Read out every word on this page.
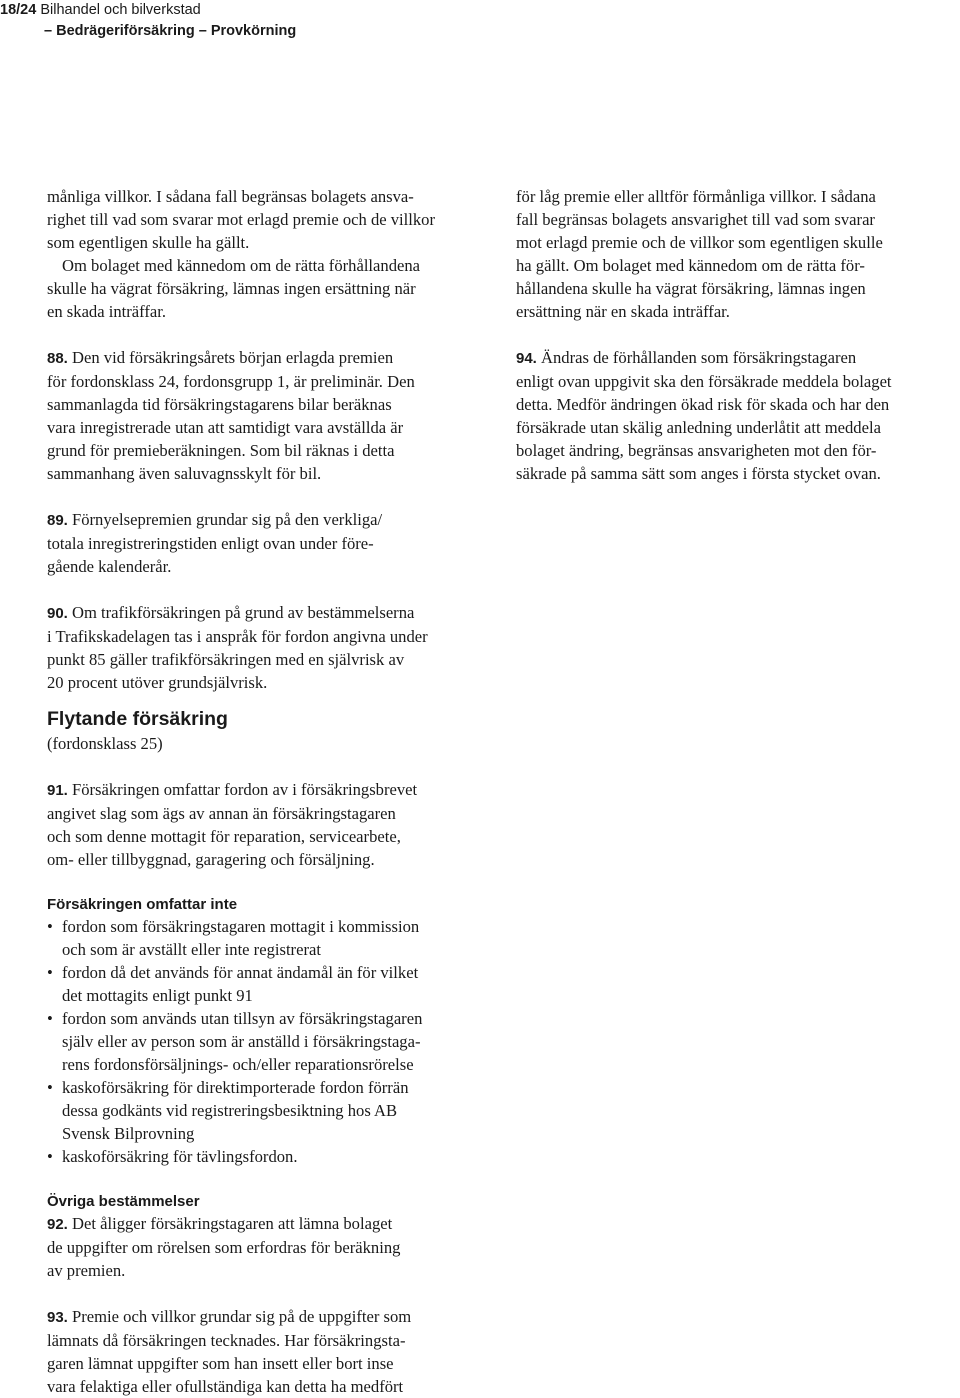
18/24 Bilhandel och bilverkstad
– Bedrägeriförsäkring – Provkörning
månliga villkor. I sådana fall begränsas bolagets ansva-
righet till vad som svarar mot erlagd premie och de villkor
som egentligen skulle ha gällt.
Om bolaget med kännedom om de rätta förhållandena
skulle ha vägrat försäkring, lämnas ingen ersättning när
en skada inträffar.
88. Den vid försäkringsårets början erlagda premien
för fordonsklass 24, fordonsgrupp 1, är preliminär. Den
sammanlagda tid försäkringstagarens bilar beräknas
vara inregistrerade utan att samtidigt vara avställda är
grund för premieberäkningen. Som bil räknas i detta
sammanhang även saluvagnsskylt för bil.
89. Förnyelsepremien grundar sig på den verkliga/
totala inregistreringstiden enligt ovan under före-
gående kalenderår.
90. Om trafikförsäkringen på grund av bestämmelserna
i Trafikskadelagen tas i anspråk för fordon angivna under
punkt 85 gäller trafikförsäkringen med en självrisk av
20 procent utöver grundsjälvrisk.
Flytande försäkring
(fordonsklass 25)
91. Försäkringen omfattar fordon av i försäkringsbrevet
angivet slag som ägs av annan än försäkringstagaren
och som denne mottagit för reparation, servicearbete,
om- eller tillbyggnad, garagering och försäljning.
Försäkringen omfattar inte
• fordon som försäkringstagaren mottagit i kommission
och som är avställt eller inte registrerat
• fordon då det används för annat ändamål än för vilket
det mottagits enligt punkt 91
• fordon som används utan tillsyn av försäkringstagaren
själv eller av person som är anställd i försäkringstaga-
rens fordonsförsäljnings- och/eller reparationsrörelse
• kaskoförsäkring för direktimporterade fordon förrän
dessa godkänts vid registreringsbesiktning hos AB
Svensk Bilprovning
• kaskoförsäkring för tävlingsfordon.
Övriga bestämmelser
92. Det åligger försäkringstagaren att lämna bolaget
de uppgifter om rörelsen som erfordras för beräkning
av premien.
93. Premie och villkor grundar sig på de uppgifter som
lämnats då försäkringen tecknades. Har försäkringsta-
garen lämnat uppgifter som han insett eller bort inse
vara felaktiga eller ofullständiga kan detta ha medfört
för låg premie eller alltför förmånliga villkor. I sådana
fall begränsas bolagets ansvarighet till vad som svarar
mot erlagd premie och de villkor som egentligen skulle
ha gällt. Om bolaget med kännedom om de rätta för-
hållandena skulle ha vägrat försäkring, lämnas ingen
ersättning när en skada inträffar.
94. Ändras de förhållanden som försäkringstagaren
enligt ovan uppgivit ska den försäkrade meddela bolaget
detta. Medför ändringen ökad risk för skada och har den
försäkrade utan skälig anledning underlåtit att meddela
bolaget ändring, begränsas ansvarigheten mot den för-
säkrade på samma sätt som anges i första stycket ovan.
